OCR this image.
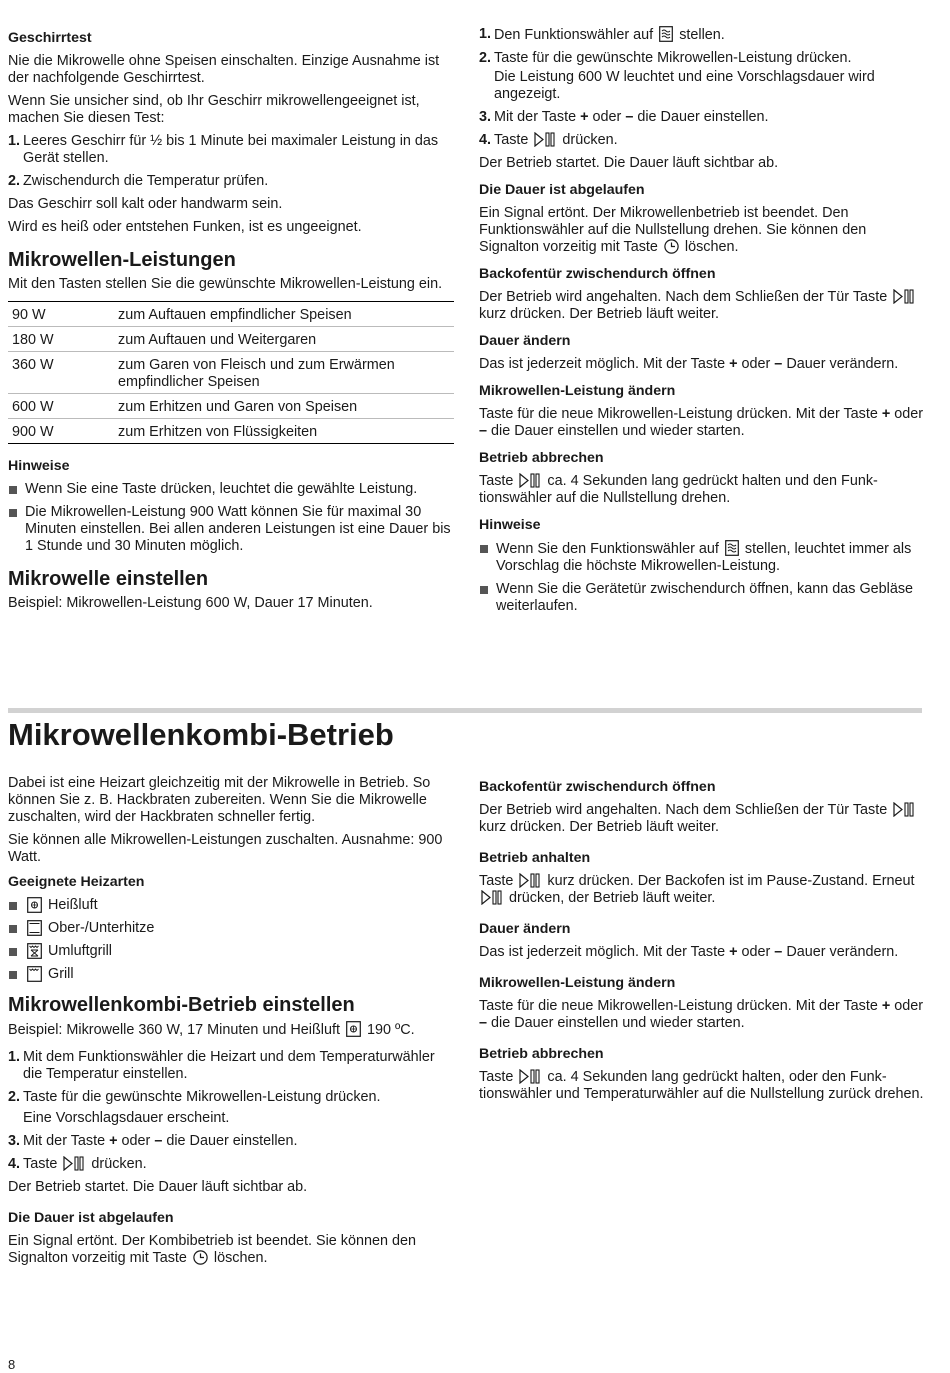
Geschirrtest
Nie die Mikrowelle ohne Speisen einschalten. Einzige Ausnahme ist der nachfolgende Geschirrtest.
Wenn Sie unsicher sind, ob Ihr Geschirr mikrowellengeeignet ist, machen Sie diesen Test:
1. Leeres Geschirr für ½ bis 1 Minute bei maximaler Leistung in das Gerät stellen.
2. Zwischendurch die Temperatur prüfen.
Das Geschirr soll kalt oder handwarm sein.
Wird es heiß oder entstehen Funken, ist es ungeeignet.
Mikrowellen-Leistungen
Mit den Tasten stellen Sie die gewünschte Mikrowellen-Leistung ein.
90 W	zum Auftauen empfindlicher Speisen
180 W	zum Auftauen und Weitergaren
360 W	zum Garen von Fleisch und zum Erwärmen empfindlicher Speisen
600 W	zum Erhitzen und Garen von Speisen
900 W	zum Erhitzen von Flüssigkeiten
Hinweise
Wenn Sie eine Taste drücken, leuchtet die gewählte Leistung.
Die Mikrowellen-Leistung 900 Watt können Sie für maximal 30 Minuten einstellen. Bei allen anderen Leistungen ist eine Dauer bis 1 Stunde und 30 Minuten möglich.
Mikrowelle einstellen
Beispiel: Mikrowellen-Leistung 600 W, Dauer 17 Minuten.
1. Den Funktionswähler auf stellen.
2. Taste für die gewünschte Mikrowellen-Leistung drücken.
Die Leistung 600 W leuchtet und eine Vorschlagsdauer wird angezeigt.
3. Mit der Taste + oder – die Dauer einstellen.
4. Taste drücken.
Der Betrieb startet. Die Dauer läuft sichtbar ab.
Die Dauer ist abgelaufen
Ein Signal ertönt. Der Mikrowellenbetrieb ist beendet. Den Funktionswähler auf die Nullstellung drehen. Sie können den Signalton vorzeitig mit Taste löschen.
Backofentür zwischendurch öffnen
Der Betrieb wird angehalten. Nach dem Schließen der Tür Taste  kurz drücken. Der Betrieb läuft weiter.
Dauer ändern
Das ist jederzeit möglich. Mit der Taste + oder – Dauer verändern.
Mikrowellen-Leistung ändern
Taste für die neue Mikrowellen-Leistung drücken. Mit der Taste + oder – die Dauer einstellen und wieder starten.
Betrieb abbrechen
Taste ca. 4 Sekunden lang gedrückt halten und den Funktionswähler auf die Nullstellung drehen.
Hinweise
Wenn Sie den Funktionswähler auf stellen, leuchtet immer als Vorschlag die höchste Mikrowellen-Leistung.
Wenn Sie die Gerätetür zwischendurch öffnen, kann das Gebläse weiterlaufen.
Mikrowellenkombi-Betrieb
Dabei ist eine Heizart gleichzeitig mit der Mikrowelle in Betrieb. So können Sie z. B. Hackbraten zubereiten. Wenn Sie die Mikrowelle zuschalten, wird der Hackbraten schneller fertig.
Sie können alle Mikrowellen-Leistungen zuschalten. Ausnahme: 900 Watt.
Geeignete Heizarten
Heißluft
Ober-/Unterhitze
Umluftgrill
Grill
Mikrowellenkombi-Betrieb einstellen
Beispiel: Mikrowelle 360 W, 17 Minuten und Heißluft 190 ºC.
1. Mit dem Funktionswähler die Heizart und dem Temperaturwähler die Temperatur einstellen.
2. Taste für die gewünschte Mikrowellen-Leistung drücken.
Eine Vorschlagsdauer erscheint.
3. Mit der Taste + oder – die Dauer einstellen.
4. Taste drücken.
Der Betrieb startet. Die Dauer läuft sichtbar ab.
Die Dauer ist abgelaufen
Ein Signal ertönt. Der Kombibetrieb ist beendet. Sie können den Signalton vorzeitig mit Taste löschen.
Backofentür zwischendurch öffnen
Der Betrieb wird angehalten. Nach dem Schließen der Tür Taste  kurz drücken. Der Betrieb läuft weiter.
Betrieb anhalten
Taste kurz drücken. Der Backofen ist im Pause-Zustand. Erneut  drücken, der Betrieb läuft weiter.
Dauer ändern
Das ist jederzeit möglich. Mit der Taste + oder – Dauer verändern.
Mikrowellen-Leistung ändern
Taste für die neue Mikrowellen-Leistung drücken. Mit der Taste + oder – die Dauer einstellen und wieder starten.
Betrieb abbrechen
Taste ca. 4 Sekunden lang gedrückt halten, oder den Funktionswähler und Temperaturwähler auf die Nullstellung zurück drehen.
8
